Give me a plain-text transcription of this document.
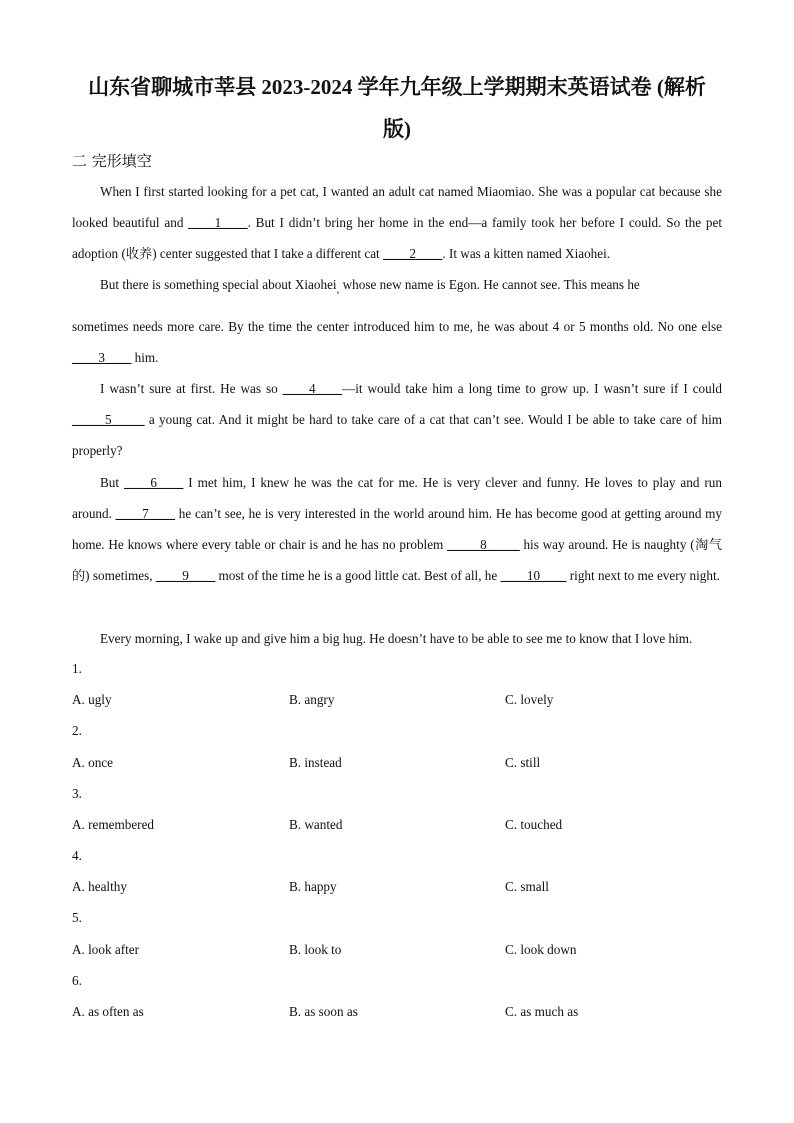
山东省聊城市莘县 2023-2024 学年九年级上学期期末英语试卷 (解析
版)
二 完形填空
When I first started looking for a pet cat, I wanted an adult cat named Miaomiao. She was a popular cat because she looked beautiful and ____1____. But I didn’t bring her home in the end—a family took her before I could. So the pet adoption (收养) center suggested that I take a different cat ____2____. It was a kitten named Xiaohei.
But there is something special about Xiaohei$_,$ whose new name is Egon. He cannot see. This means he
sometimes needs more care. By the time the center introduced him to me, he was about 4 or 5 months old. No one else ____3____ him.
I wasn’t sure at first. He was so ____4____—it would take him a long time to grow up. I wasn’t sure if I could _____5_____ a young cat. And it might be hard to take care of a cat that can’t see. Would I be able to take care of him properly?
But ____6____ I met him, I knew he was the cat for me. He is very clever and funny. He loves to play and run around. ____7____ he can’t see, he is very interested in the world around him. He has become good at getting around my home. He knows where every table or chair is and he has no problem _____8_____ his way around. He is naughty (淘气的) sometimes, ____9____ most of the time he is a good little cat. Best of all, he ____10____ right next to me every night.
Every morning, I wake up and give him a big hug. He doesn’t have to be able to see me to know that I love him.
1.
A. ugly	B. angry	C. lovely
2.
A. once	B. instead	C. still
3.
A. remembered	B. wanted	C. touched
4.
A. healthy	B. happy	C. small
5.
A. look after	B. look to	C. look down
6.
A. as often as	B. as soon as	C. as much as
